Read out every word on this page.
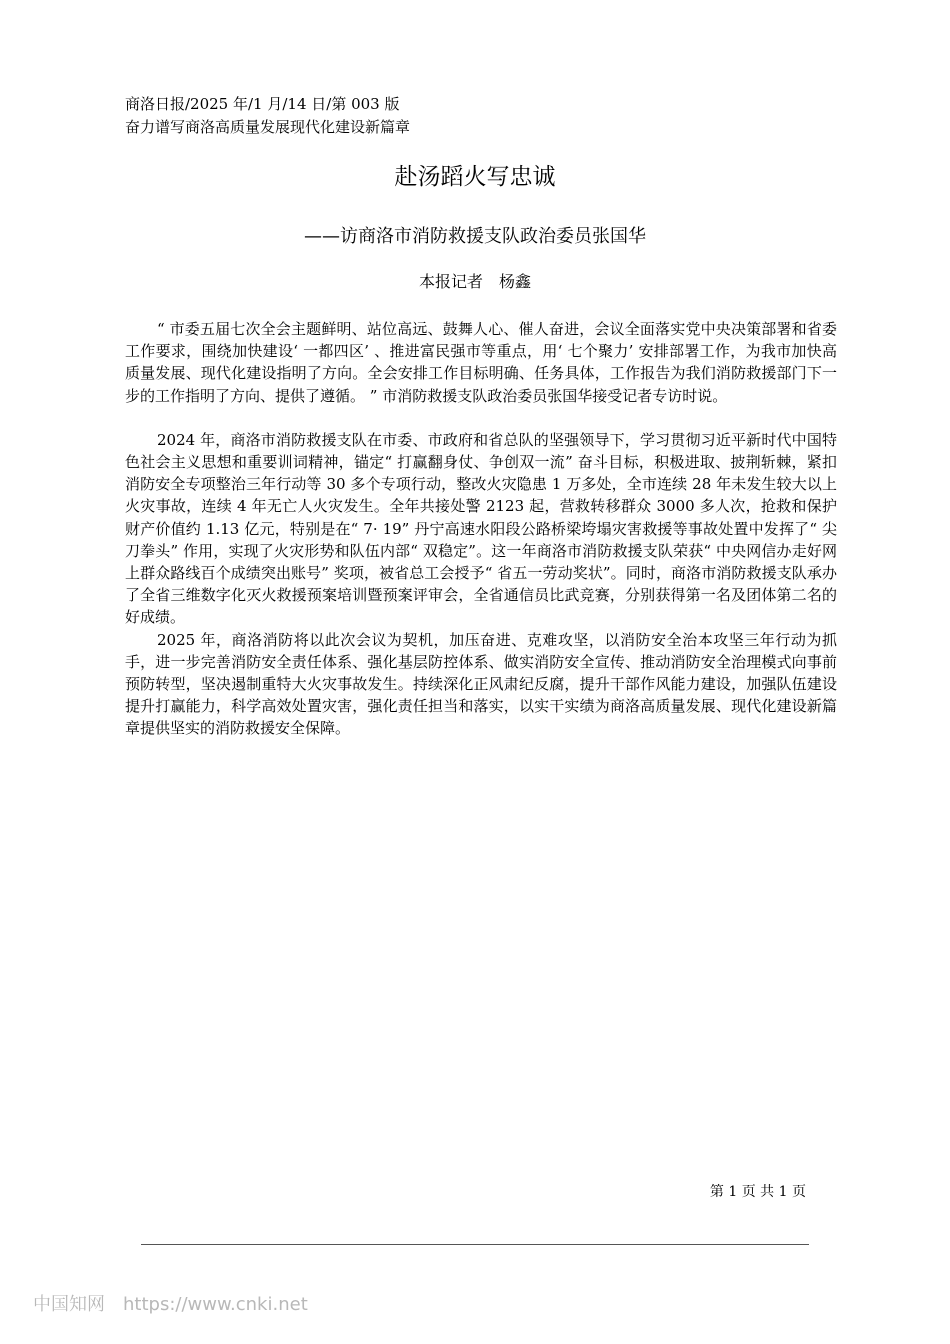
商洛日报/2025 年/1 月/14 日/第 003 版
奋力谱写商洛高质量发展现代化建设新篇章
赴汤蹈火写忠诚
——访商洛市消防救援支队政治委员张国华
本报记者　杨鑫

“ 市委五届七次全会主题鲜明、站位高远、鼓舞人心、催人奋进，会议全面落实党中央决策部署和省委工作要求，围绕加快建设‘ 一都四区’ 、推进富民强市等重点，用‘ 七个聚力’ 安排部署工作，为我市加快高质量发展、现代化建设指明了方向。全会安排工作目标明确、任务具体，工作报告为我们消防救援部门下一步的工作指明了方向、提供了遵循。 ” 市消防救援支队政治委员张国华接受记者专访时说。

2024 年，商洛市消防救援支队在市委、市政府和省总队的坚强领导下，学习贯彻习近平新时代中国特色社会主义思想和重要训词精神，锚定“ 打赢翻身仗、争创双一流” 奋斗目标，积极进取、披荆斩棘，紧扣消防安全专项整治三年行动等 30 多个专项行动，整改火灾隐患 1 万多处，全市连续 28 年未发生较大以上火灾事故，连续 4 年无亡人火灾发生。全年共接处警 2123 起，营救转移群众 3000 多人次，抢救和保护财产价值约 1.13 亿元，特别是在“ 7· 19” 丹宁高速水阳段公路桥梁垮塌灾害救援等事故处置中发挥了“ 尖刀拳头” 作用，实现了火灾形势和队伍内部“ 双稳定”。这一年商洛市消防救援支队荣获“ 中央网信办走好网上群众路线百个成绩突出账号” 奖项，被省总工会授予“ 省五一劳动奖状”。同时，商洛市消防救援支队承办了全省三维数字化灭火救援预案培训暨预案评审会，全省通信员比武竞赛，分别获得第一名及团体第二名的好成绩。

2025 年，商洛消防将以此次会议为契机，加压奋进、克难攻坚，以消防安全治本攻坚三年行动为抓手，进一步完善消防安全责任体系、强化基层防控体系、做实消防安全宣传、推动消防安全治理模式向事前预防转型，坚决遏制重特大火灾事故发生。持续深化正风肃纪反腐，提升干部作风能力建设，加强队伍建设提升打赢能力，科学高效处置灾害，强化责任担当和落实，以实干实绩为商洛高质量发展、现代化建设新篇章提供坚实的消防救援安全保障。

第 1 页 共 1 页
中国知网　https://www.cnki.net
